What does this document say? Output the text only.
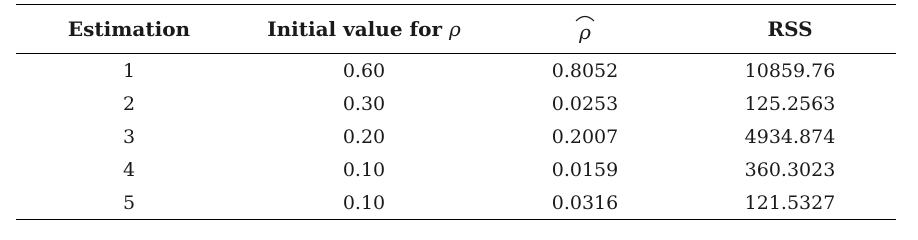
Estimation	Initial value for ρ	ρ	RSS
1	0.60	0.8052	10859.76
2	0.30	0.0253	125.2563
3	0.20	0.2007	4934.874
4	0.10	0.0159	360.3023
5	0.10	0.0316	121.5327
